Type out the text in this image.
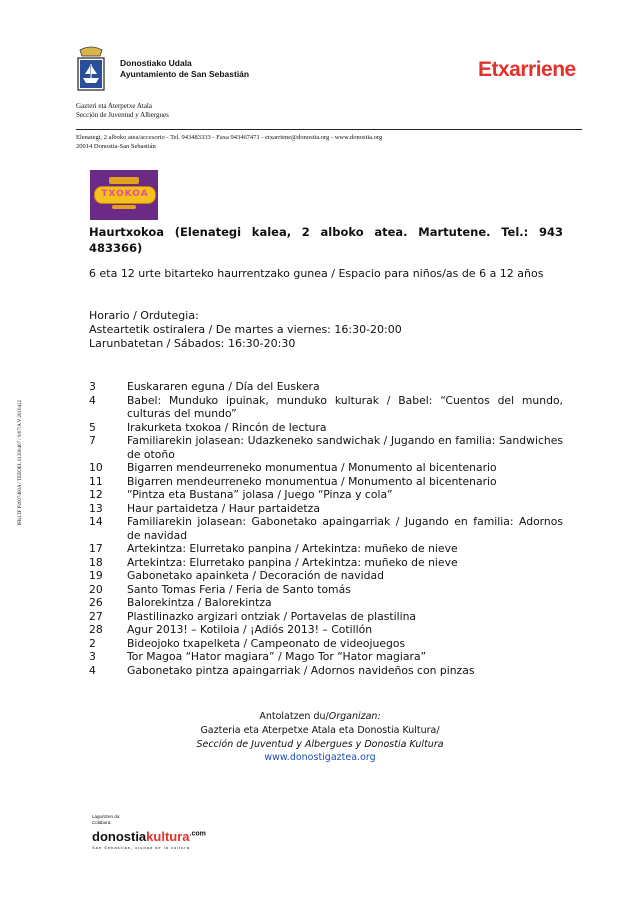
Donostiako Udala
Ayuntamiento de San Sebastián	Etxarriene
Gazteri eta Aterpetxe Atala
Sección de Juventud y Albergues
Elenategi, 2 alboko atea/accesorio - Tel. 943483333 - Faxa 943467471 - etxarriene@donostia.org - www.donostia.org
20014 Donostia-San Sebastián
TXOKOA
IFKCIF P2007400A / TEEOEL 01200407 / 9/07/A V 2010412
Haurtxokoa (Elenategi kalea, 2 alboko atea. Martutene. Tel.: 943 483366)
6 eta 12 urte bitarteko haurrentzako gunea / Espacio para niños/as de 6 a 12 años
Horario / Ordutegia:
Asteartetik ostiralera / De martes a viernes: 16:30-20:00
Larunbatetan / Sábados: 16:30-20:30
3	Euskararen eguna / Día del Euskera
4	Babel: Munduko ipuinak, munduko kulturak / Babel: “Cuentos del mundo, culturas del mundo”
5	Irakurketa txokoa / Rincón de lectura
7	Familiarekin jolasean: Udazkeneko sandwichak / Jugando en familia: Sandwiches de otoño
10	Bigarren mendeurreneko monumentua / Monumento al bicentenario
11	Bigarren mendeurreneko monumentua / Monumento al bicentenario
12	“Pintza eta Bustana” jolasa / Juego “Pinza y cola”
13	Haur partaidetza / Haur partaidetza
14	Familiarekin jolasean: Gabonetako apaingarriak / Jugando en familia: Adornos de navidad
17	Artekintza: Elurretako panpina / Artekintza: muñeko de nieve
18	Artekintza: Elurretako panpina / Artekintza: muñeko de nieve
19	Gabonetako apainketa / Decoración de navidad
20	Santo Tomas Feria / Feria de Santo tomás
26	Balorekintza / Balorekintza
27	Plastilinazko argizari ontziak / Portavelas de plastilina
28	Agur 2013! – Kotiloia / ¡Adiós 2013! – Cotillón
2	Bideojoko txapelketa / Campeonato de videojuegos
3	Tor Magoa “Hator magiara” / Mago Tor “Hator magiara”
4	Gabonetako pintza apaingarriak / Adornos navideños con pinzas
Antolatzen du/Organizan:
Gazteria eta Aterpetxe Atala eta Donostia Kultura/
Sección de Juventud y Albergues y Donostia Kultura
www.donostigaztea.org
Laguntzen du:
Colabora:
donostiakultura$^{.com}$
San Sebastián, ciudad de la cultura
